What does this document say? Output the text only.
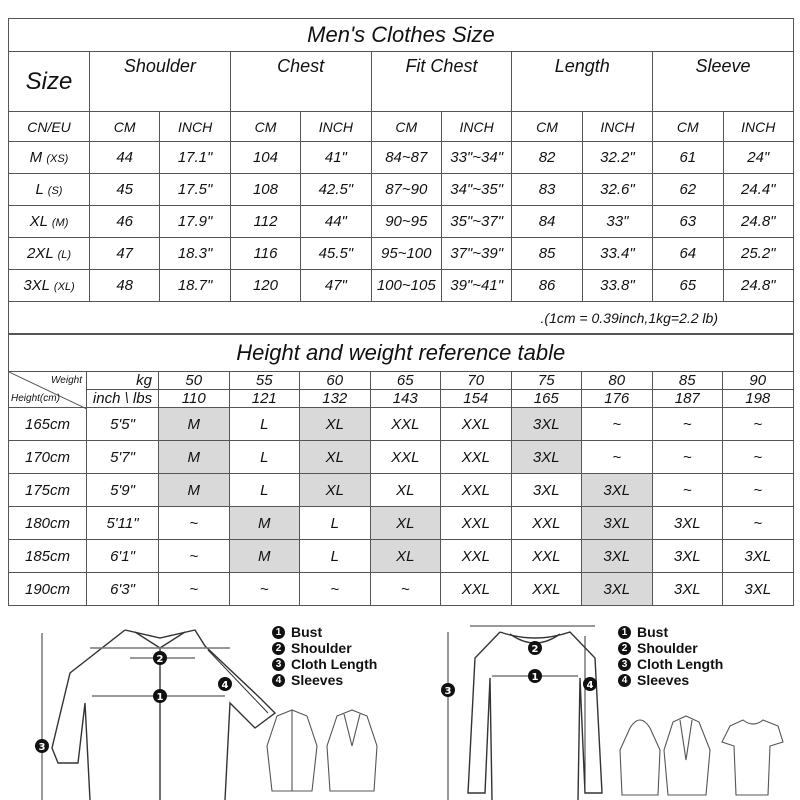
Men's Clothes Size										
Size	Shoulder		Chest		Fit Chest		Length		Sleeve	

CN/EU	CM	INCH	CM	INCH	CM	INCH	CM	INCH	CM	INCH
M (XS)	44	17.1"	104	41"	84~87	33"~34"	82	32.2"	61	24"
L (S)	45	17.5"	108	42.5"	87~90	34"~35"	83	32.6"	62	24.4"
XL (M)	46	17.9"	112	44"	90~95	35"~37"	84	33"	63	24.8"
2XL (L)	47	18.3"	116	45.5"	95~100	37"~39"	85	33.4"	64	25.2"
3XL (XL)	48	18.7"	120	47"	100~105	39"~41"	86	33.8"	65	24.8"
.(1cm = 0.39inch,1kg=2.2 lb)										
Height and weight reference table										

Weight
Height(cm)	kg	50	55	60	65	70	75	80	85	90
	inch \ lbs	110	121	132	143	154	165	176	187	198
165cm	5'5"	M	L	XL	XXL	XXL	3XL	~	~	~
170cm	5'7"	M	L	XL	XXL	XXL	3XL	~	~	~
175cm	5'9"	M	L	XL	XL	XXL	3XL	3XL	~	~
180cm	5'11"	~	M	L	XL	XXL	XXL	3XL	3XL	~
185cm	6'1"	~	M	L	XL	XXL	XXL	3XL	3XL	3XL
190cm	6'3"	~	~	~	~	XXL	XXL	3XL	3XL	3XL
1
2
3
4
1 Bust
2 Shoulder
3 Cloth Length
4 Sleeves	1
2
3
4
1 Bust
2 Shoulder
3 Cloth Length
4 Sleeves
